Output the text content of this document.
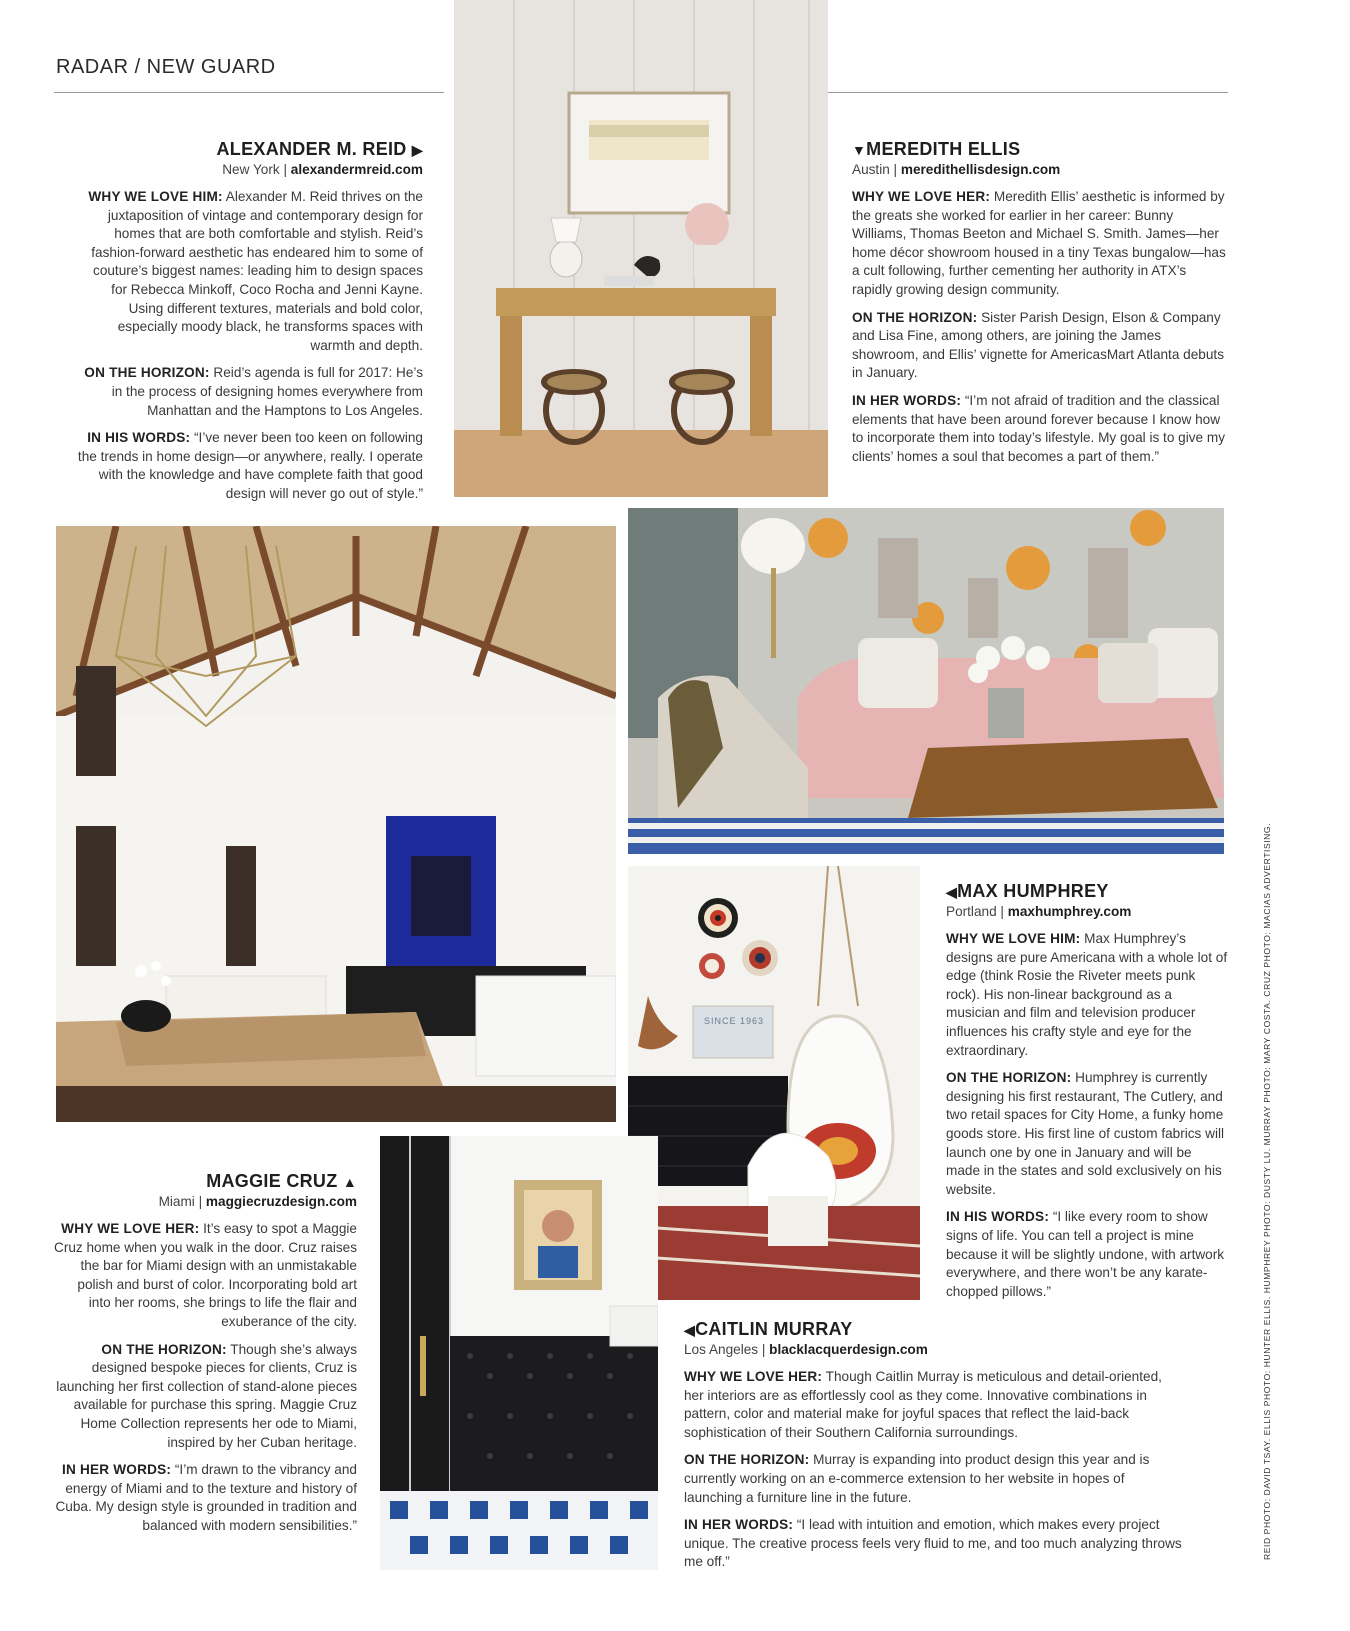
RADAR / NEW GUARD
ALEXANDER M. REID ▶
New York | alexandermreid.com

WHY WE LOVE HIM: Alexander M. Reid thrives on the juxtaposition of vintage and contemporary design for homes that are both comfortable and stylish. Reid’s fashion-forward aesthetic has endeared him to some of couture’s biggest names: leading him to design spaces for Rebecca Minkoff, Coco Rocha and Jenni Kayne. Using different textures, materials and bold color, especially moody black, he transforms spaces with warmth and depth.

ON THE HORIZON: Reid’s agenda is full for 2017: He’s in the process of designing homes everywhere from Manhattan and the Hamptons to Los Angeles.

IN HIS WORDS: “I’ve never been too keen on following the trends in home design—or anywhere, really. I operate with the knowledge and have complete faith that good design will never go out of style.”

▼MEREDITH ELLIS
Austin | meredithellisdesign.com

WHY WE LOVE HER: Meredith Ellis’ aesthetic is informed by the greats she worked for earlier in her career: Bunny Williams, Thomas Beeton and Michael S. Smith. James—her home décor showroom housed in a tiny Texas bungalow—has a cult following, further cementing her authority in ATX’s rapidly growing design community.

ON THE HORIZON: Sister Parish Design, Elson & Company and Lisa Fine, among others, are joining the James showroom, and Ellis’ vignette for AmericasMart Atlanta debuts in January.

IN HER WORDS: “I’m not afraid of tradition and the classical elements that have been around forever because I know how to incorporate them into today’s lifestyle. My goal is to give my clients’ homes a soul that becomes a part of them.”

SINCE 1963
◀MAX HUMPHREY
Portland | maxhumphrey.com

WHY WE LOVE HIM: Max Humphrey’s designs are pure Americana with a whole lot of edge (think Rosie the Riveter meets punk rock). His non-linear background as a musician and film and television producer influences his crafty style and eye for the extraordinary.

ON THE HORIZON: Humphrey is currently designing his first restaurant, The Cutlery, and two retail spaces for City Home, a funky home goods store. His first line of custom fabrics will launch one by one in January and will be made in the states and sold exclusively on his website.

IN HIS WORDS: “I like every room to show signs of life. You can tell a project is mine because it will be slightly undone, with artwork everywhere, and there won’t be any karate-chopped pillows.”

MAGGIE CRUZ ▲
Miami | maggiecruzdesign.com

WHY WE LOVE HER: It’s easy to spot a Maggie Cruz home when you walk in the door. Cruz raises the bar for Miami design with an unmistakable polish and burst of color. Incorporating bold art into her rooms, she brings to life the flair and exuberance of the city.

ON THE HORIZON: Though she’s always designed bespoke pieces for clients, Cruz is launching her first collection of stand-alone pieces available for purchase this spring. Maggie Cruz Home Collection represents her ode to Miami, inspired by her Cuban heritage.

IN HER WORDS: “I’m drawn to the vibrancy and energy of Miami and to the texture and history of Cuba. My design style is grounded in tradition and balanced with modern sensibilities.”

◀CAITLIN MURRAY
Los Angeles | blacklacquerdesign.com

WHY WE LOVE HER: Though Caitlin Murray is meticulous and detail-oriented, her interiors are as effortlessly cool as they come. Innovative combinations in pattern, color and material make for joyful spaces that reflect the laid-back sophistication of their Southern California surroundings.

ON THE HORIZON: Murray is expanding into product design this year and is currently working on an e-commerce extension to her website in hopes of launching a furniture line in the future.

IN HER WORDS: “I lead with intuition and emotion, which makes every project unique. The creative process feels very fluid to me, and too much analyzing throws me off.”

REID PHOTO: DAVID TSAY. ELLIS PHOTO: HUNTER ELLIS. HUMPHREY PHOTO: DUSTY LU. MURRAY PHOTO: MARY COSTA. CRUZ PHOTO: MACIAS ADVERTISING.
